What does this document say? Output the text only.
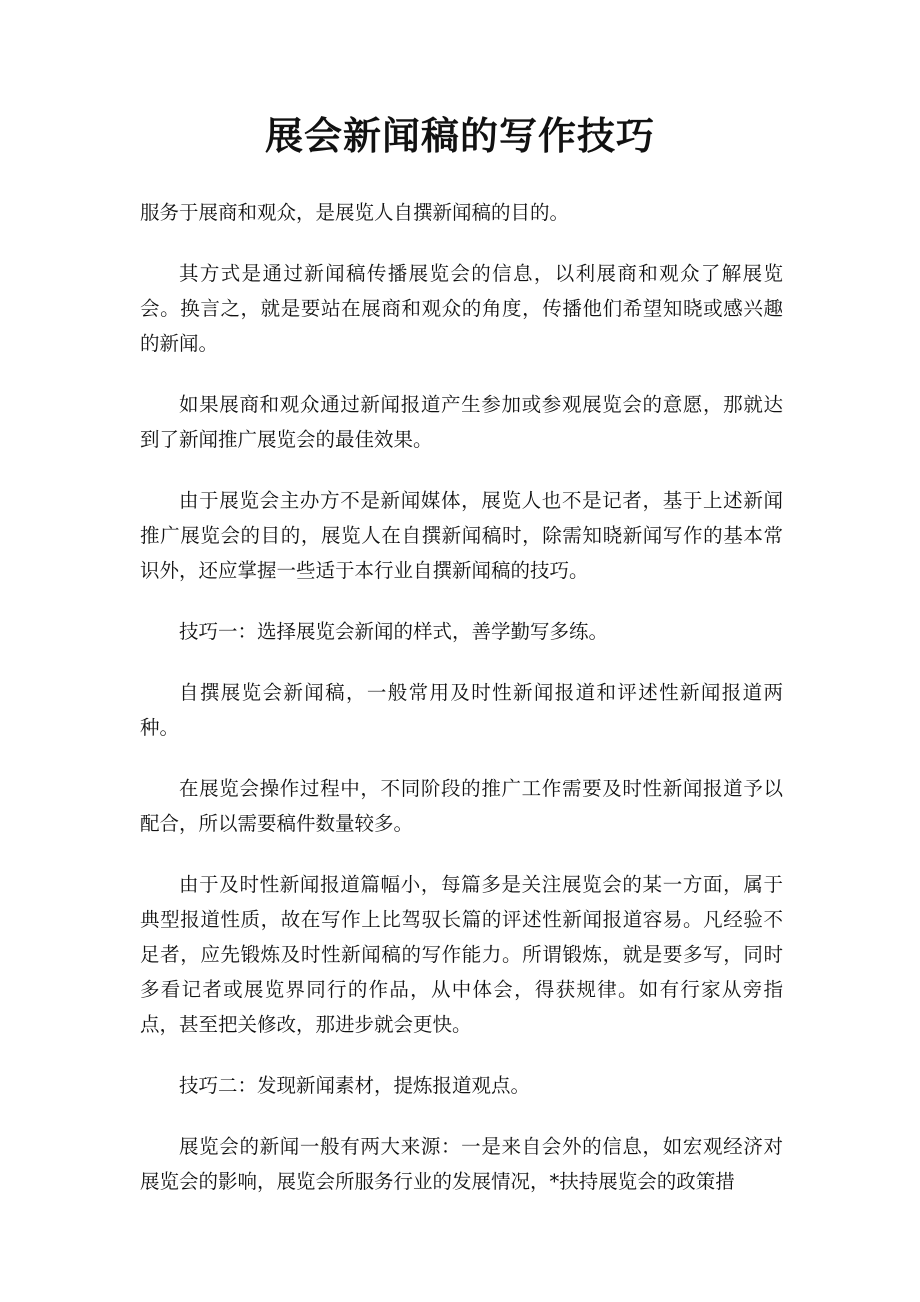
展会新闻稿的写作技巧

服务于展商和观众，是展览人自撰新闻稿的目的。

其方式是通过新闻稿传播展览会的信息，以利展商和观众了解展览会。换言之，就是要站在展商和观众的角度，传播他们希望知晓或感兴趣的新闻。

如果展商和观众通过新闻报道产生参加或参观展览会的意愿，那就达到了新闻推广展览会的最佳效果。

由于展览会主办方不是新闻媒体，展览人也不是记者，基于上述新闻推广展览会的目的，展览人在自撰新闻稿时，除需知晓新闻写作的基本常识外，还应掌握一些适于本行业自撰新闻稿的技巧。

技巧一：选择展览会新闻的样式，善学勤写多练。

自撰展览会新闻稿，一般常用及时性新闻报道和评述性新闻报道两种。

在展览会操作过程中，不同阶段的推广工作需要及时性新闻报道予以配合，所以需要稿件数量较多。

由于及时性新闻报道篇幅小，每篇多是关注展览会的某一方面，属于典型报道性质，故在写作上比驾驭长篇的评述性新闻报道容易。凡经验不足者，应先锻炼及时性新闻稿的写作能力。所谓锻炼，就是要多写，同时多看记者或展览界同行的作品，从中体会，得获规律。如有行家从旁指点，甚至把关修改，那进步就会更快。

技巧二：发现新闻素材，提炼报道观点。

展览会的新闻一般有两大来源：一是来自会外的信息，如宏观经济对展览会的影响，展览会所服务行业的发展情况，*扶持展览会的政策措
